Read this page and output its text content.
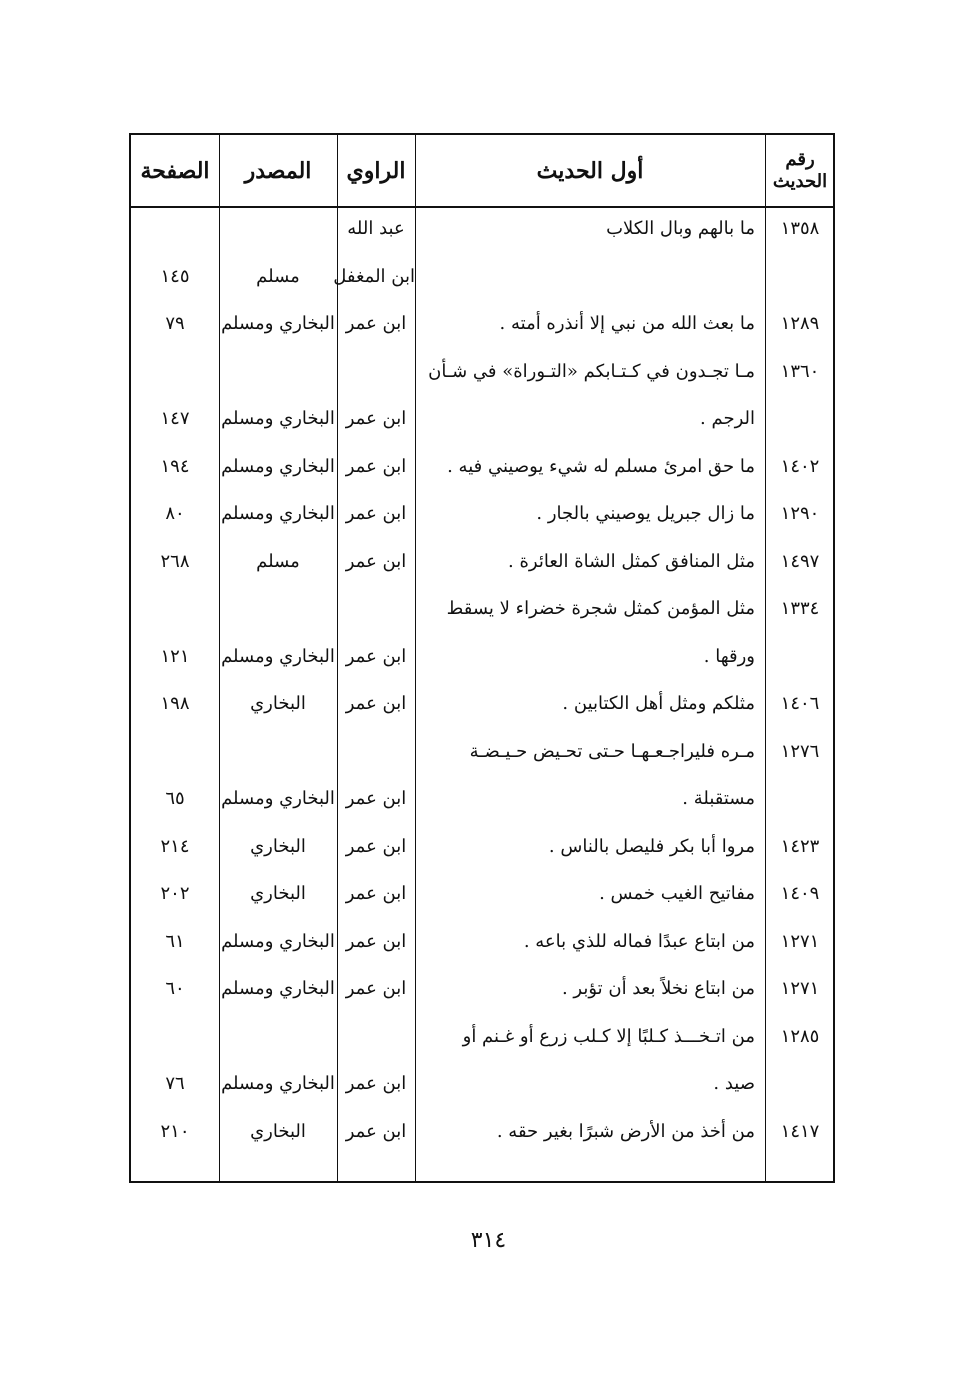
رقم
الحديث
أول الحديث
الراوي
المصدر
الصفحة
١٣٥٨
ما بالهم وبال الكلاب
عبد الله
ابن المغفل
مسلم
١٤٥
١٢٨٩
ما بعث الله من نبي إلا أنذره أمته .
ابن عمر
البخاري ومسلم
٧٩
١٣٦٠
مـا تجـدون في كـتـابكم «التـوراة» في شـأن
الرجم .
ابن عمر
البخاري ومسلم
١٤٧
١٤٠٢
ما حق امرئ مسلم له شيء يوصيني فيه .
ابن عمر
البخاري ومسلم
١٩٤
١٢٩٠
ما زال جبريل يوصيني بالجار .
ابن عمر
البخاري ومسلم
٨٠
١٤٩٧
مثل المنافق كمثل الشاة العائرة .
ابن عمر
مسلم
٢٦٨
١٣٣٤
مثل المؤمن كمثل شجرة خضراء لا يسقط
ورقها .
ابن عمر
البخاري ومسلم
١٢١
١٤٠٦
مثلكم ومثل أهل الكتابين .
ابن عمر
البخاري
١٩٨
١٢٧٦
مـره فليراجـعـهـا حـتى تحـيض حـيـضـة
مستقبلة .
ابن عمر
البخاري ومسلم
٦٥
١٤٢٣
مروا أبا بكر فليصل بالناس .
ابن عمر
البخاري
٢١٤
١٤٠٩
مفاتيح الغيب خمس .
ابن عمر
البخاري
٢٠٢
١٢٧١
من ابتاع عبدًا فماله للذي باعه .
ابن عمر
البخاري ومسلم
٦١
١٢٧١
من ابتاع نخلاً بعد أن تؤبر .
ابن عمر
البخاري ومسلم
٦٠
١٢٨٥
من اتـخـــذ كـلبًا إلا كـلب زرع أو غـنم أو
صيد .
ابن عمر
البخاري ومسلم
٧٦
١٤١٧
من أخذ من الأرض شبرًا بغير حقه .
ابن عمر
البخاري
٢١٠
٣١٤
